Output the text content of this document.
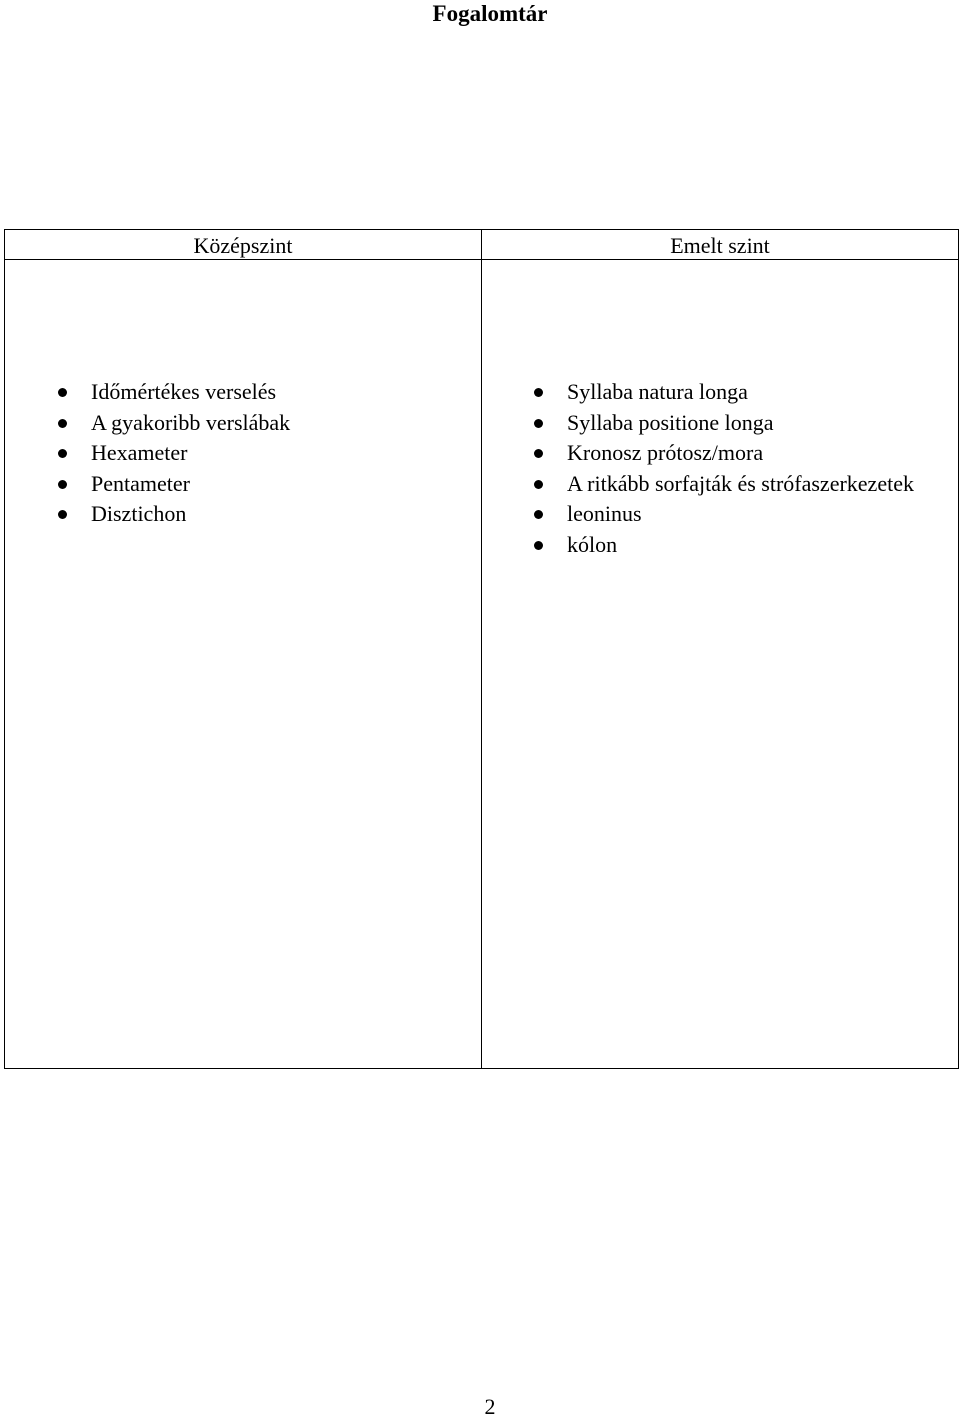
Fogalomtár
Középszint	Emelt szint
Időmértékes verselés
A gyakoribb verslábak
Hexameter
Pentameter
Disztichon
Syllaba natura longa
Syllaba positione longa
Kronosz prótosz/mora
A ritkább sorfajták és strófaszerkezetek
leoninus
kólon
2
